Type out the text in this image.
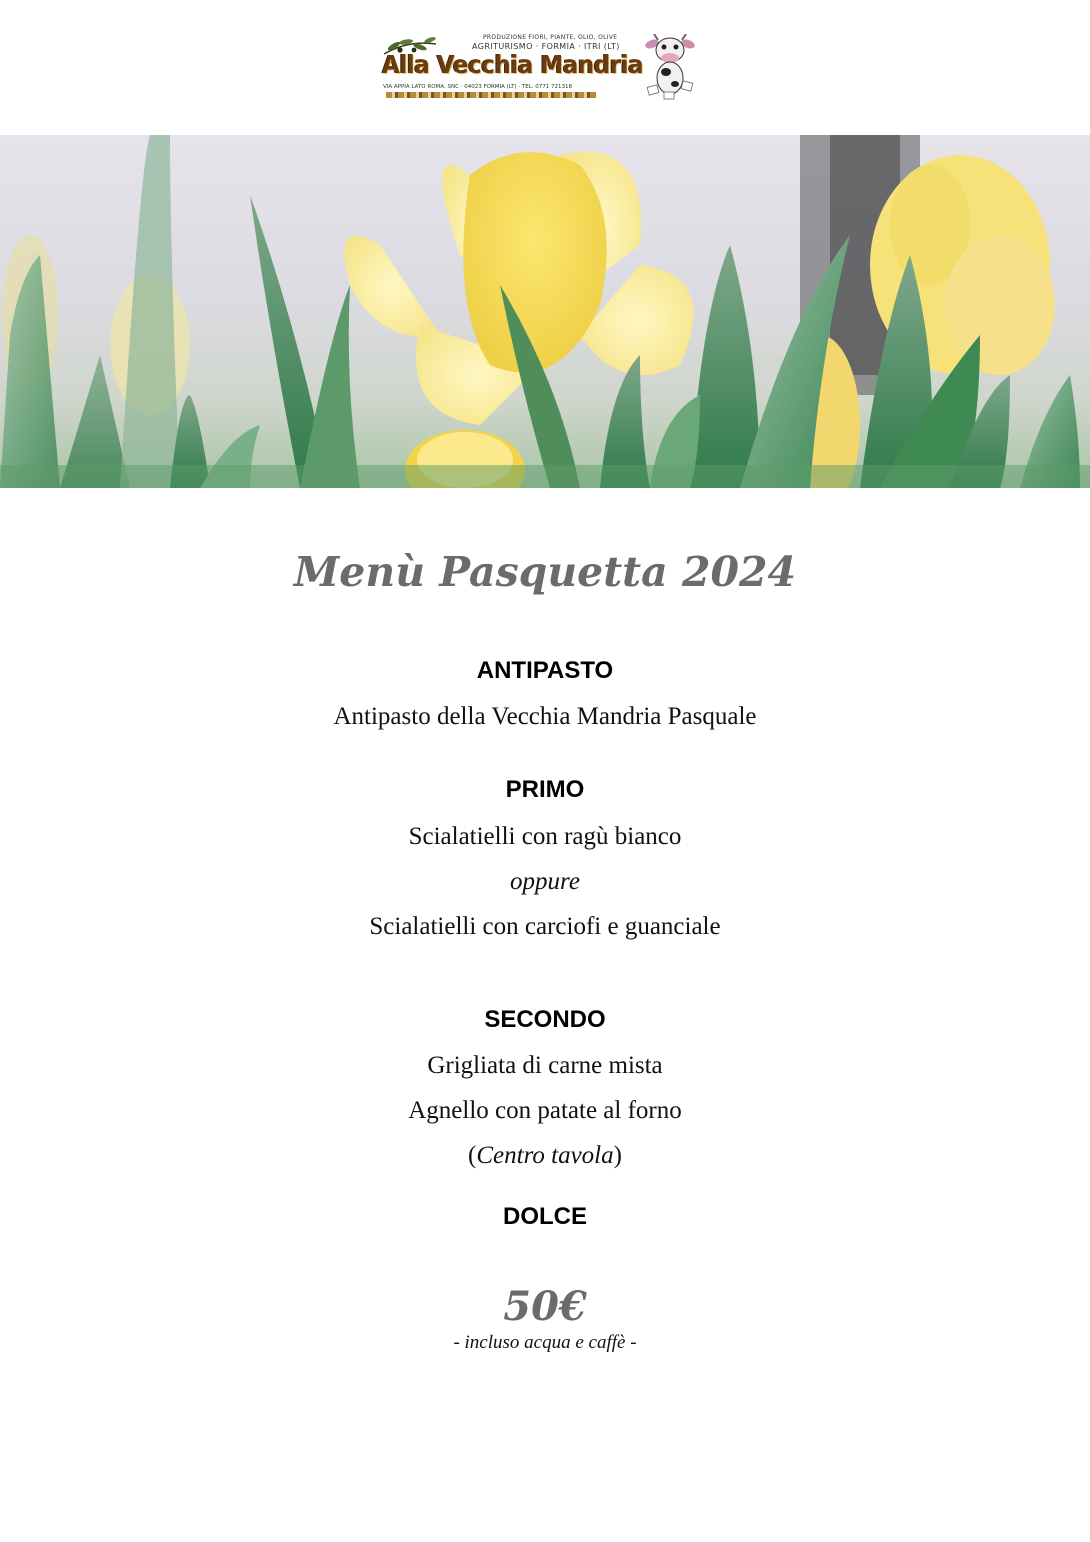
PRODUZIONE FIORI, PIANTE, OLIO, OLIVE
AGRITURISMO · FORMIA · ITRI (LT)
Alla Vecchia Mandria
VIA APPIA LATO ROMA, SNC · 04023 FORMIA (LT) · TEL. 0771 721318
Menù Pasquetta 2024
ANTIPASTO

Antipasto della Vecchia Mandria Pasquale

PRIMO

Scialatielli con ragù bianco

oppure

Scialatielli con carciofi e guanciale

SECONDO

Grigliata di carne mista

Agnello con patate al forno

(Centro tavola)

DOLCE

50€

- incluso acqua e caffè -
